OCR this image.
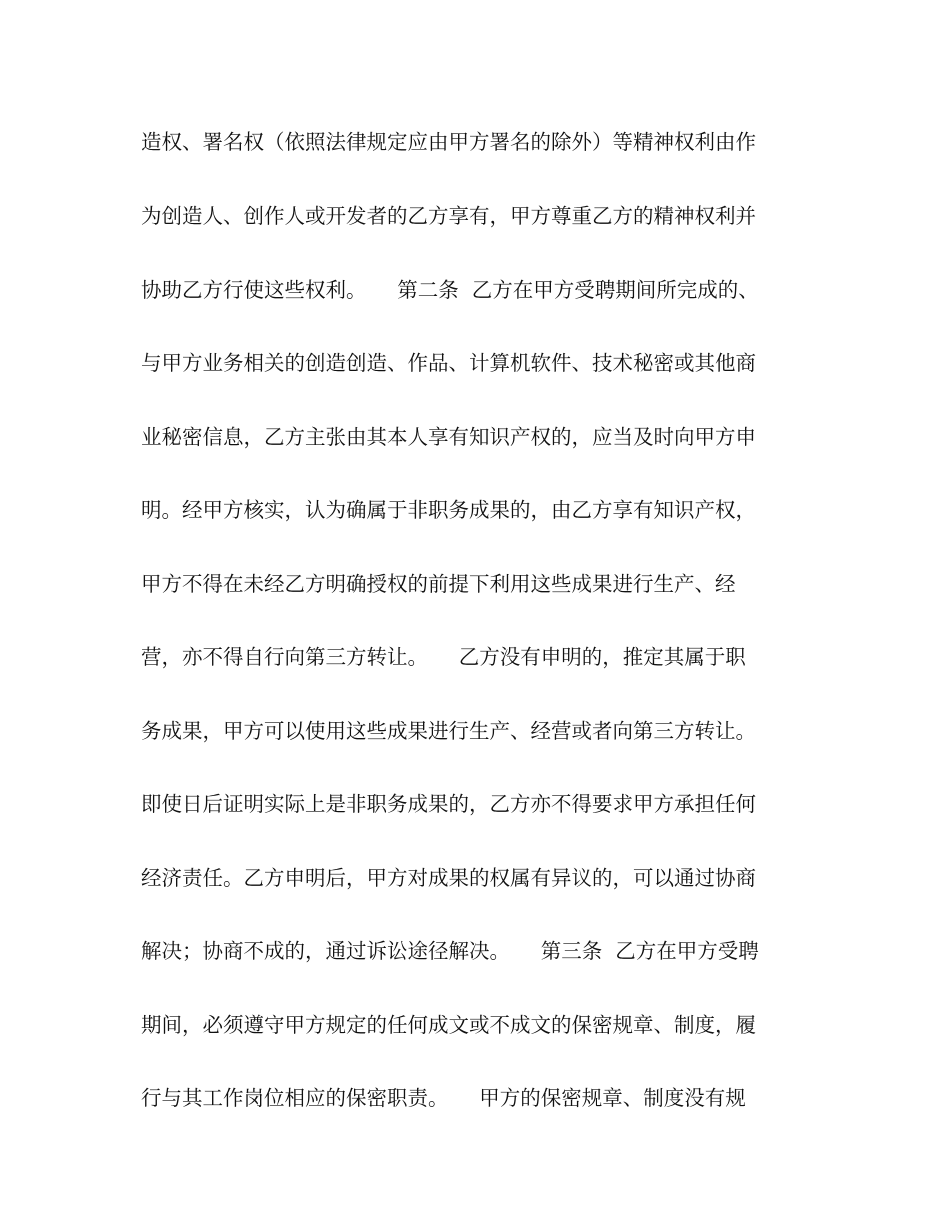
造权、署名权（依照法律规定应由甲方署名的除外）等精神权利由作
为创造人、创作人或开发者的乙方享有，甲方尊重乙方的精神权利并
协助乙方行使这些权利。　　第二条  乙方在甲方受聘期间所完成的、
与甲方业务相关的创造创造、作品、计算机软件、技术秘密或其他商
业秘密信息，乙方主张由其本人享有知识产权的，应当及时向甲方申
明。经甲方核实，认为确属于非职务成果的，由乙方享有知识产权，
甲方不得在未经乙方明确授权的前提下利用这些成果进行生产、经
营，亦不得自行向第三方转让。　　乙方没有申明的，推定其属于职
务成果，甲方可以使用这些成果进行生产、经营或者向第三方转让。
即使日后证明实际上是非职务成果的，乙方亦不得要求甲方承担任何
经济责任。乙方申明后，甲方对成果的权属有异议的，可以通过协商
解决；协商不成的，通过诉讼途径解决。　　第三条  乙方在甲方受聘
期间，必须遵守甲方规定的任何成文或不成文的保密规章、制度，履
行与其工作岗位相应的保密职责。　　甲方的保密规章、制度没有规
